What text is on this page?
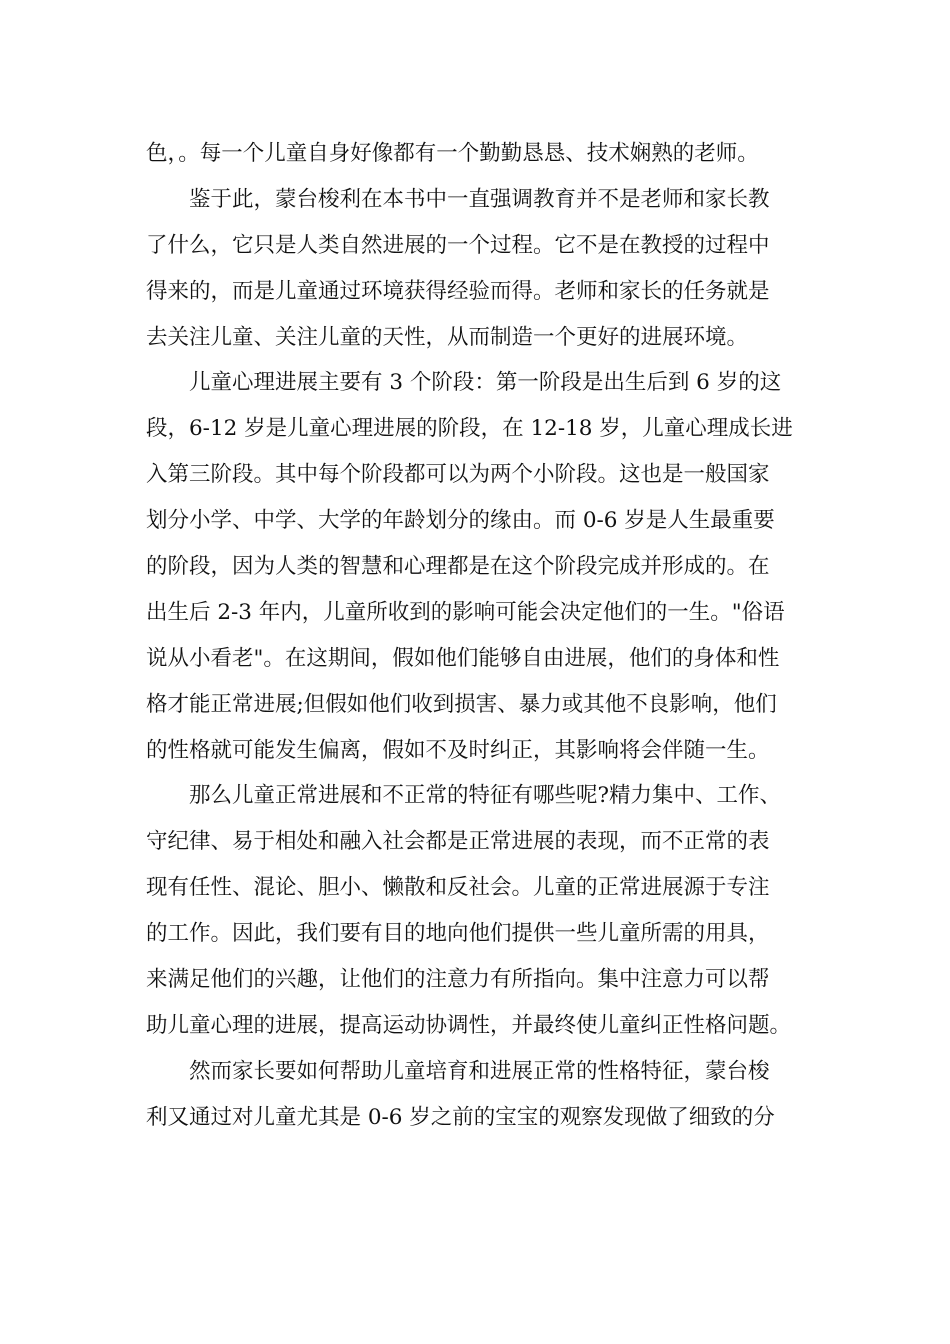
色，。每一个儿童自身好像都有一个勤勤恳恳、技术娴熟的老师。
鉴于此，蒙台梭利在本书中一直强调教育并不是老师和家长教
了什么，它只是人类自然进展的一个过程。它不是在教授的过程中
得来的，而是儿童通过环境获得经验而得。老师和家长的任务就是
去关注儿童、关注儿童的天性，从而制造一个更好的进展环境。
儿童心理进展主要有 3 个阶段：第一阶段是出生后到 6 岁的这
段，6-12 岁是儿童心理进展的阶段，在 12-18 岁，儿童心理成长进
入第三阶段。其中每个阶段都可以为两个小阶段。这也是一般国家
划分小学、中学、大学的年龄划分的缘由。而 0-6 岁是人生最重要
的阶段，因为人类的智慧和心理都是在这个阶段完成并形成的。在
出生后 2-3 年内，儿童所收到的影响可能会决定他们的一生。"俗语
说从小看老"。在这期间，假如他们能够自由进展，他们的身体和性
格才能正常进展;但假如他们收到损害、暴力或其他不良影响，他们
的性格就可能发生偏离，假如不及时纠正，其影响将会伴随一生。
那么儿童正常进展和不正常的特征有哪些呢?精力集中、工作、
守纪律、易于相处和融入社会都是正常进展的表现，而不正常的表
现有任性、混论、胆小、懒散和反社会。儿童的正常进展源于专注
的工作。因此，我们要有目的地向他们提供一些儿童所需的用具，
来满足他们的兴趣，让他们的注意力有所指向。集中注意力可以帮
助儿童心理的进展，提高运动协调性，并最终使儿童纠正性格问题。
然而家长要如何帮助儿童培育和进展正常的性格特征，蒙台梭
利又通过对儿童尤其是 0-6 岁之前的宝宝的观察发现做了细致的分
